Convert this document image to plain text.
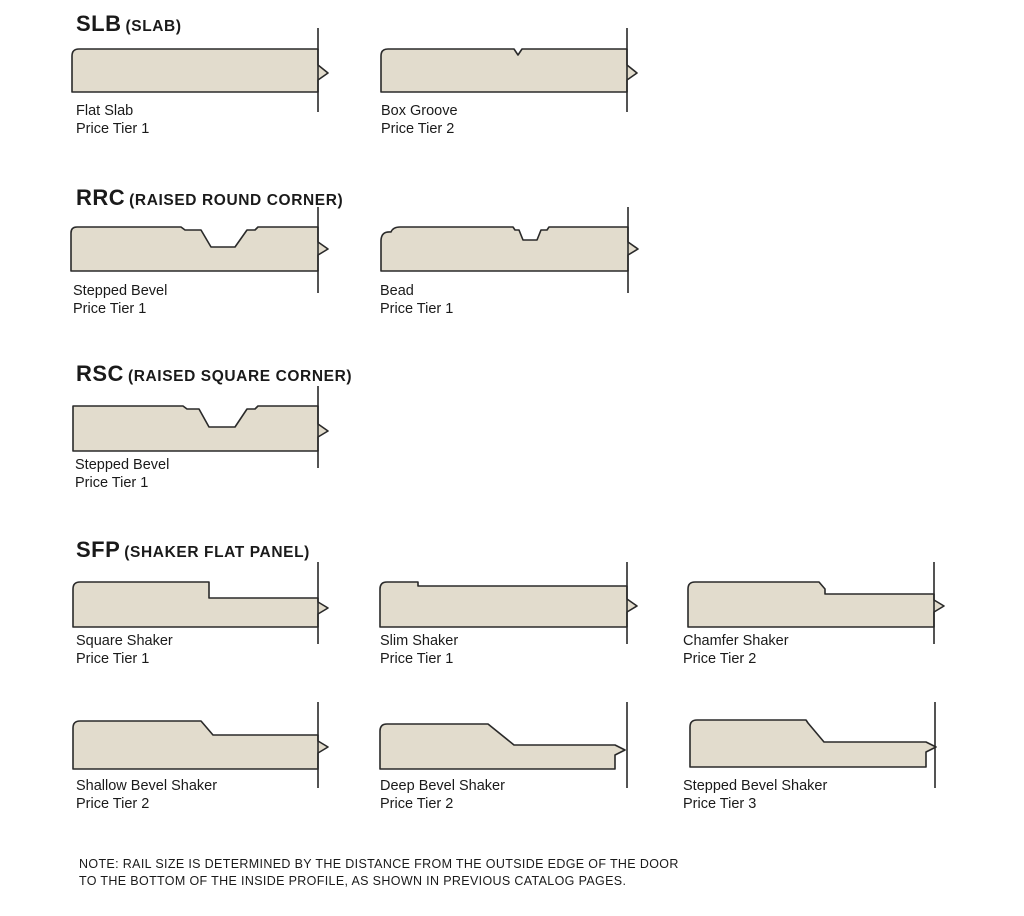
SLB (SLAB)
Flat Slab
Price Tier 1
Box Groove
Price Tier 2
RRC (RAISED ROUND CORNER)
Stepped Bevel
Price Tier 1
Bead
Price Tier 1
RSC (RAISED SQUARE CORNER)
Stepped Bevel
Price Tier 1
SFP (SHAKER FLAT PANEL)
Square Shaker
Price Tier 1
Slim Shaker
Price Tier 1
Chamfer Shaker
Price Tier 2
Shallow Bevel Shaker
Price Tier 2
Deep Bevel Shaker
Price Tier 2
Stepped Bevel Shaker
Price Tier 3
NOTE: RAIL SIZE IS DETERMINED BY THE DISTANCE FROM THE OUTSIDE EDGE OF THE DOOR
TO THE BOTTOM OF THE INSIDE PROFILE, AS SHOWN IN PREVIOUS CATALOG PAGES.
